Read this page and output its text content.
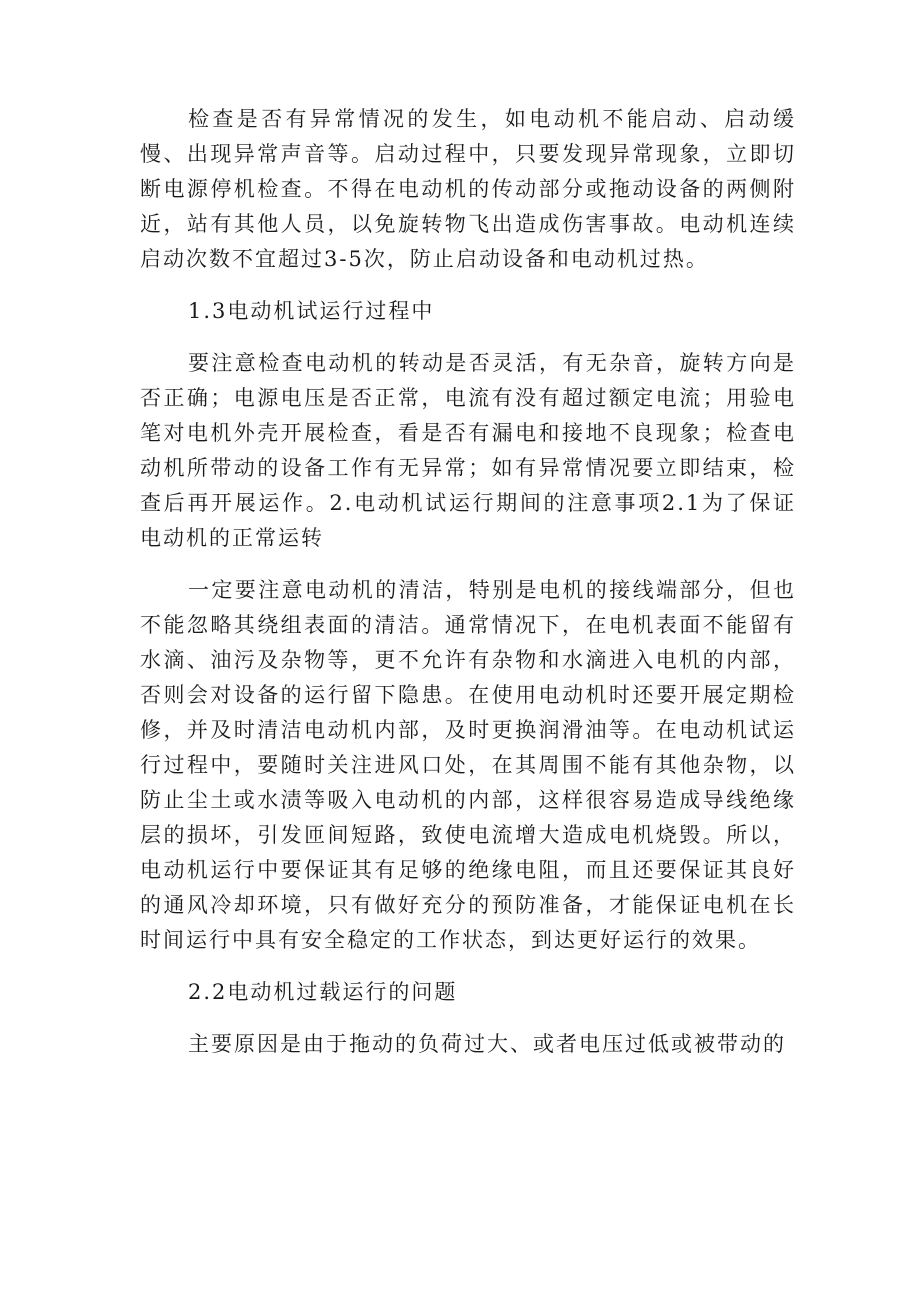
检查是否有异常情况的发生，如电动机不能启动、启动缓慢、出现异常声音等。启动过程中，只要发现异常现象，立即切断电源停机检查。不得在电动机的传动部分或拖动设备的两侧附近，站有其他人员，以免旋转物飞出造成伤害事故。电动机连续启动次数不宜超过3-5次，防止启动设备和电动机过热。

1.3电动机试运行过程中

要注意检查电动机的转动是否灵活，有无杂音，旋转方向是否正确；电源电压是否正常，电流有没有超过额定电流；用验电笔对电机外壳开展检查，看是否有漏电和接地不良现象；检查电动机所带动的设备工作有无异常；如有异常情况要立即结束，检查后再开展运作。2.电动机试运行期间的注意事项2.1为了保证电动机的正常运转

一定要注意电动机的清洁，特别是电机的接线端部分，但也不能忽略其绕组表面的清洁。通常情况下，在电机表面不能留有水滴、油污及杂物等，更不允许有杂物和水滴进入电机的内部，否则会对设备的运行留下隐患。在使用电动机时还要开展定期检修，并及时清洁电动机内部，及时更换润滑油等。在电动机试运行过程中，要随时关注进风口处，在其周围不能有其他杂物，以防止尘土或水渍等吸入电动机的内部，这样很容易造成导线绝缘层的损坏，引发匝间短路，致使电流增大造成电机烧毁。所以，电动机运行中要保证其有足够的绝缘电阻，而且还要保证其良好的通风冷却环境，只有做好充分的预防准备，才能保证电机在长时间运行中具有安全稳定的工作状态，到达更好运行的效果。

2.2电动机过载运行的问题

主要原因是由于拖动的负荷过大、或者电压过低或被带动的
